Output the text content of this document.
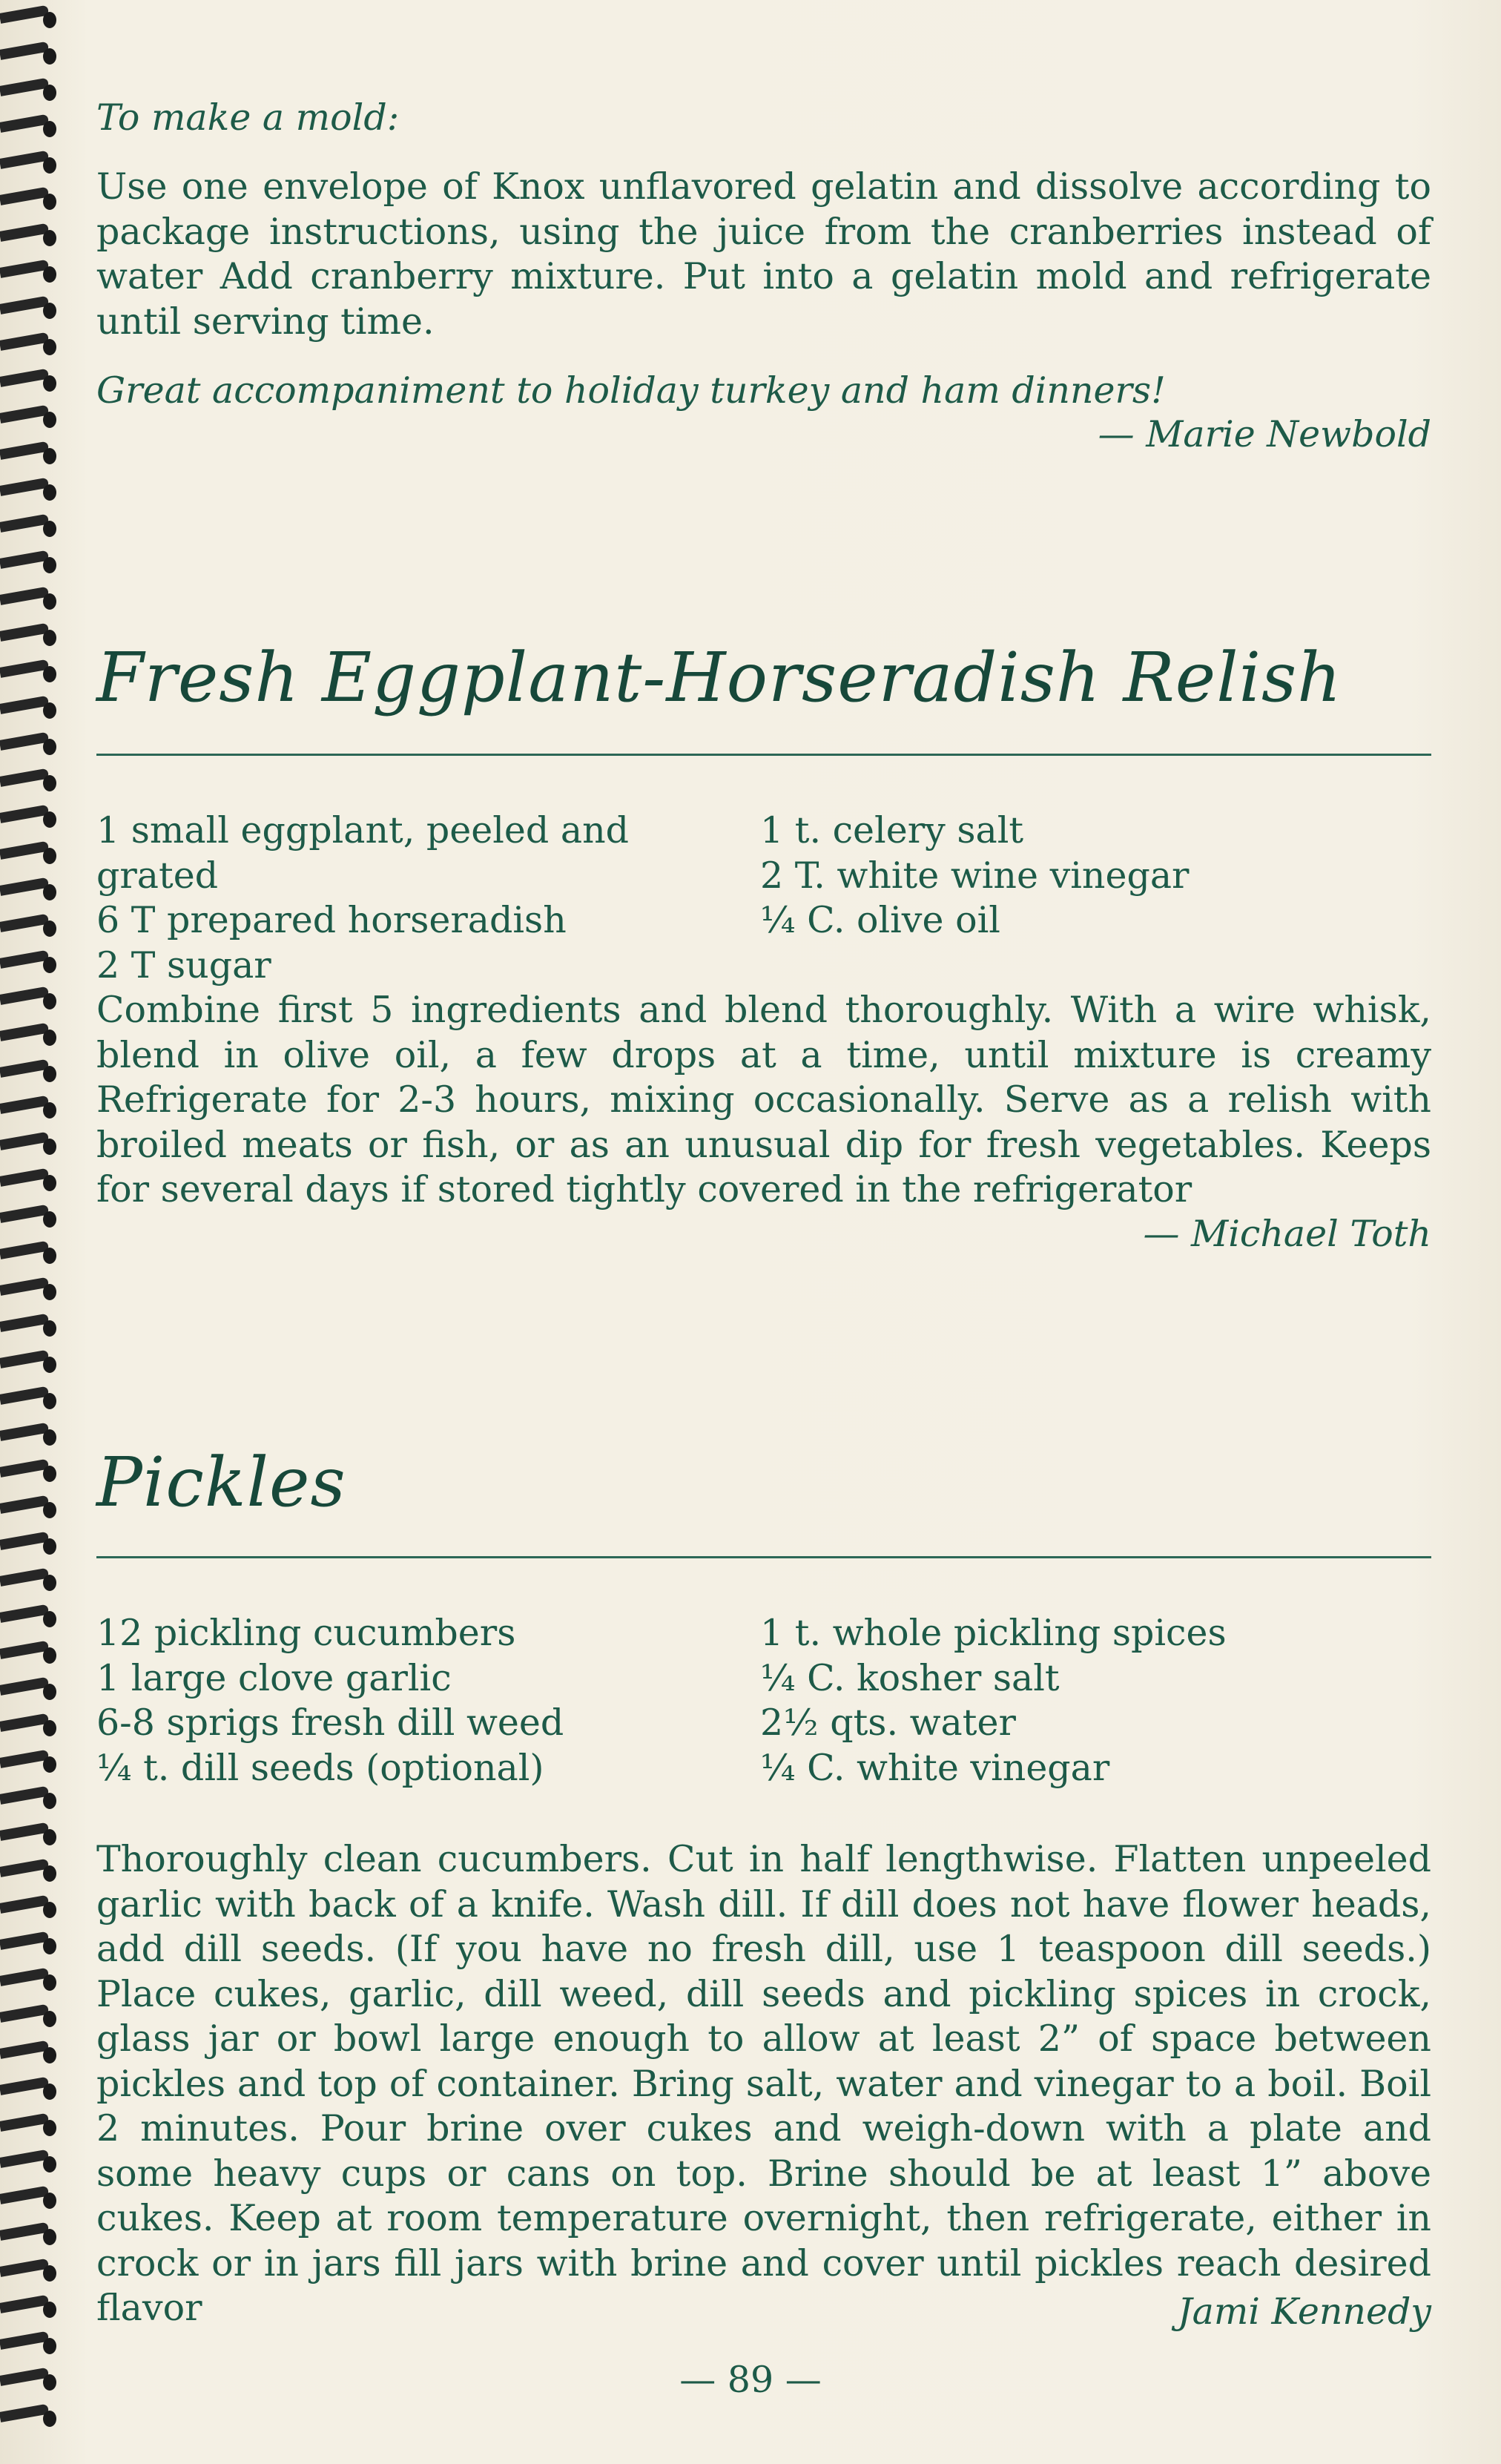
To make a mold:

Use one envelope of Knox unflavored gelatin and dissolve according to package instructions, using the juice from the cranberries instead of water Add cranberry mixture. Put into a gelatin mold and refrigerate until serving time.

Great accompaniment to holiday turkey and ham dinners!
— Marie Newbold
Fresh Eggplant-Horseradish Relish
1 small eggplant, peeled and grated
6 T prepared horseradish
2 T sugar
1 t. celery salt
2 T. white wine vinegar
¼ C. olive oil

Combine first 5 ingredients and blend thoroughly. With a wire whisk, blend in olive oil, a few drops at a time, until mixture is creamy Refrigerate for 2-3 hours, mixing occasionally. Serve as a relish with broiled meats or fish, or as an unusual dip for fresh vegetables. Keeps for several days if stored tightly covered in the refrigerator

— Michael Toth
Pickles
12 pickling cucumbers
1 large clove garlic
6-8 sprigs fresh dill weed
¼ t. dill seeds (optional)
1 t. whole pickling spices
¼ C. kosher salt
2½ qts. water
¼ C. white vinegar

Thoroughly clean cucumbers. Cut in half lengthwise. Flatten unpeeled garlic with back of a knife. Wash dill. If dill does not have flower heads, add dill seeds. (If you have no fresh dill, use 1 teaspoon dill seeds.) Place cukes, garlic, dill weed, dill seeds and pickling spices in crock, glass jar or bowl large enough to allow at least 2” of space between pickles and top of container. Bring salt, water and vinegar to a boil. Boil 2 minutes. Pour brine over cukes and weigh-down with a plate and some heavy cups or cans on top. Brine should be at least 1” above cukes. Keep at room temperature overnight, then refrigerate, either in crock or in jars fill jars with brine and cover until pickles reach desired flavor	Jami Kennedy
— 89 —
